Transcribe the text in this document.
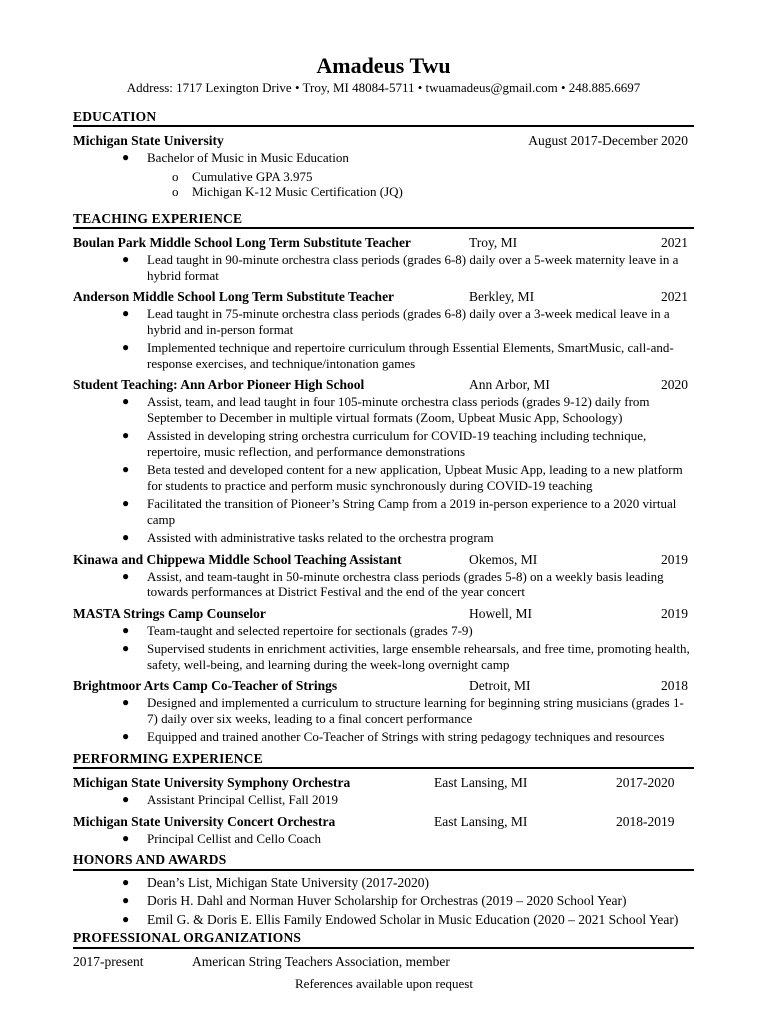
Amadeus Twu
Address: 1717 Lexington Drive • Troy, MI 48084-5711 • twuamadeus@gmail.com • 248.885.6697
EDUCATION
Michigan State University	August 2017-December 2020
● Bachelor of Music in Music Education
o Cumulative GPA 3.975
o Michigan K-12 Music Certification (JQ)
TEACHING EXPERIENCE
Boulan Park Middle School Long Term Substitute Teacher	Troy, MI	2021
● Lead taught in 90-minute orchestra class periods (grades 6-8) daily over a 5-week maternity leave in a hybrid format
Anderson Middle School Long Term Substitute Teacher	Berkley, MI	2021
● Lead taught in 75-minute orchestra class periods (grades 6-8) daily over a 3-week medical leave in a hybrid and in-person format
● Implemented technique and repertoire curriculum through Essential Elements, SmartMusic, call-and-response exercises, and technique/intonation games
Student Teaching: Ann Arbor Pioneer High School	Ann Arbor, MI	2020
● Assist, team, and lead taught in four 105-minute orchestra class periods (grades 9-12) daily from September to December in multiple virtual formats (Zoom, Upbeat Music App, Schoology)
● Assisted in developing string orchestra curriculum for COVID-19 teaching including technique, repertoire, music reflection, and performance demonstrations
● Beta tested and developed content for a new application, Upbeat Music App, leading to a new platform for students to practice and perform music synchronously during COVID-19 teaching
● Facilitated the transition of Pioneer’s String Camp from a 2019 in-person experience to a 2020 virtual camp
● Assisted with administrative tasks related to the orchestra program
Kinawa and Chippewa Middle School Teaching Assistant	Okemos, MI	2019
● Assist, and team-taught in 50-minute orchestra class periods (grades 5-8) on a weekly basis leading towards performances at District Festival and the end of the year concert
MASTA Strings Camp Counselor	Howell, MI	2019
● Team-taught and selected repertoire for sectionals (grades 7-9)
● Supervised students in enrichment activities, large ensemble rehearsals, and free time, promoting health, safety, well-being, and learning during the week-long overnight camp
Brightmoor Arts Camp Co-Teacher of Strings	Detroit, MI	2018
● Designed and implemented a curriculum to structure learning for beginning string musicians (grades 1-7) daily over six weeks, leading to a final concert performance
● Equipped and trained another Co-Teacher of Strings with string pedagogy techniques and resources
PERFORMING EXPERIENCE
Michigan State University Symphony Orchestra	East Lansing, MI	2017-2020
● Assistant Principal Cellist, Fall 2019
Michigan State University Concert Orchestra	East Lansing, MI	2018-2019
● Principal Cellist and Cello Coach
HONORS AND AWARDS
● Dean’s List, Michigan State University (2017-2020)
● Doris H. Dahl and Norman Huver Scholarship for Orchestras (2019 – 2020 School Year)
● Emil G. & Doris E. Ellis Family Endowed Scholar in Music Education (2020 – 2021 School Year)
PROFESSIONAL ORGANIZATIONS
2017-present	American String Teachers Association, member
References available upon request
